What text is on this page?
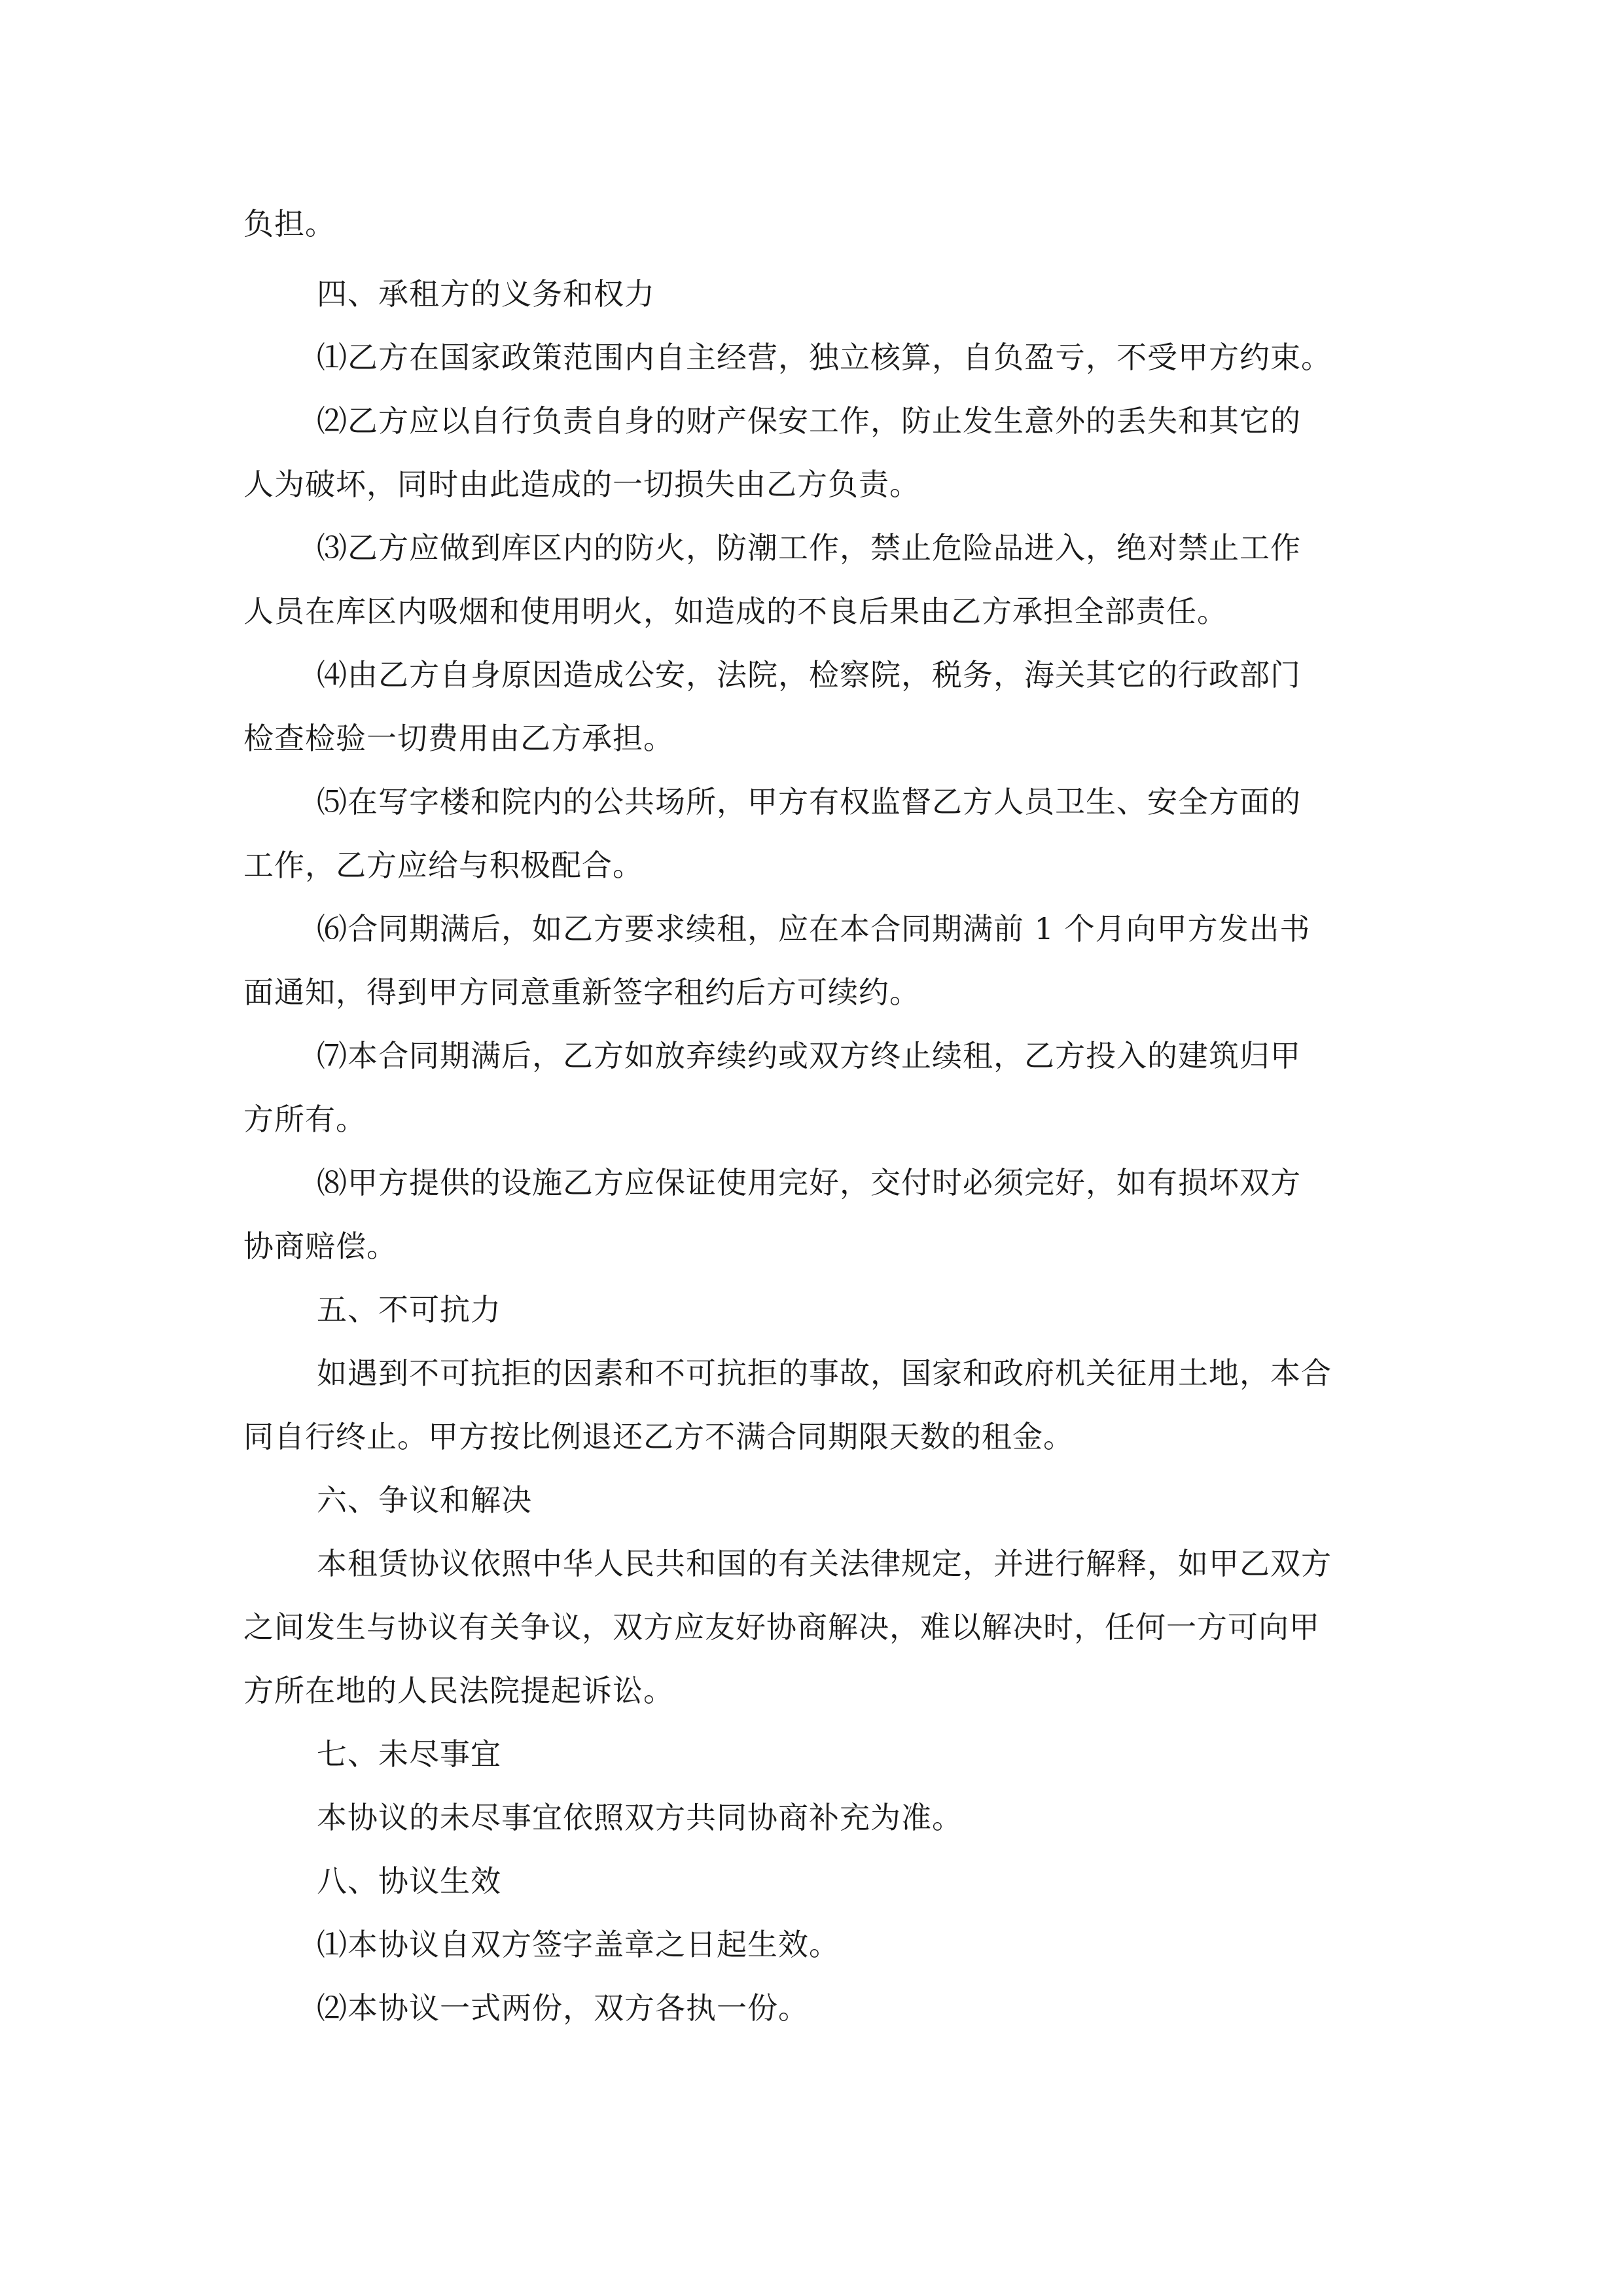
负担。

四、承租方的义务和权力

⑴乙方在国家政策范围内自主经营，独立核算，自负盈亏，不受甲方约束。

⑵乙方应以自行负责自身的财产保安工作，防止发生意外的丢失和其它的

人为破坏，同时由此造成的一切损失由乙方负责。

⑶乙方应做到库区内的防火，防潮工作，禁止危险品进入，绝对禁止工作

人员在库区内吸烟和使用明火，如造成的不良后果由乙方承担全部责任。

⑷由乙方自身原因造成公安，法院，检察院，税务，海关其它的行政部门

检查检验一切费用由乙方承担。

⑸在写字楼和院内的公共场所，甲方有权监督乙方人员卫生、安全方面的

工作，乙方应给与积极配合。

⑹合同期满后，如乙方要求续租，应在本合同期满前 1 个月向甲方发出书

面通知，得到甲方同意重新签字租约后方可续约。

⑺本合同期满后，乙方如放弃续约或双方终止续租，乙方投入的建筑归甲

方所有。

⑻甲方提供的设施乙方应保证使用完好，交付时必须完好，如有损坏双方

协商赔偿。

五、不可抗力

如遇到不可抗拒的因素和不可抗拒的事故，国家和政府机关征用土地，本合

同自行终止。甲方按比例退还乙方不满合同期限天数的租金。

六、争议和解决

本租赁协议依照中华人民共和国的有关法律规定，并进行解释，如甲乙双方

之间发生与协议有关争议，双方应友好协商解决，难以解决时，任何一方可向甲

方所在地的人民法院提起诉讼。

七、未尽事宜

本协议的未尽事宜依照双方共同协商补充为准。

八、协议生效

⑴本协议自双方签字盖章之日起生效。

⑵本协议一式两份，双方各执一份。
